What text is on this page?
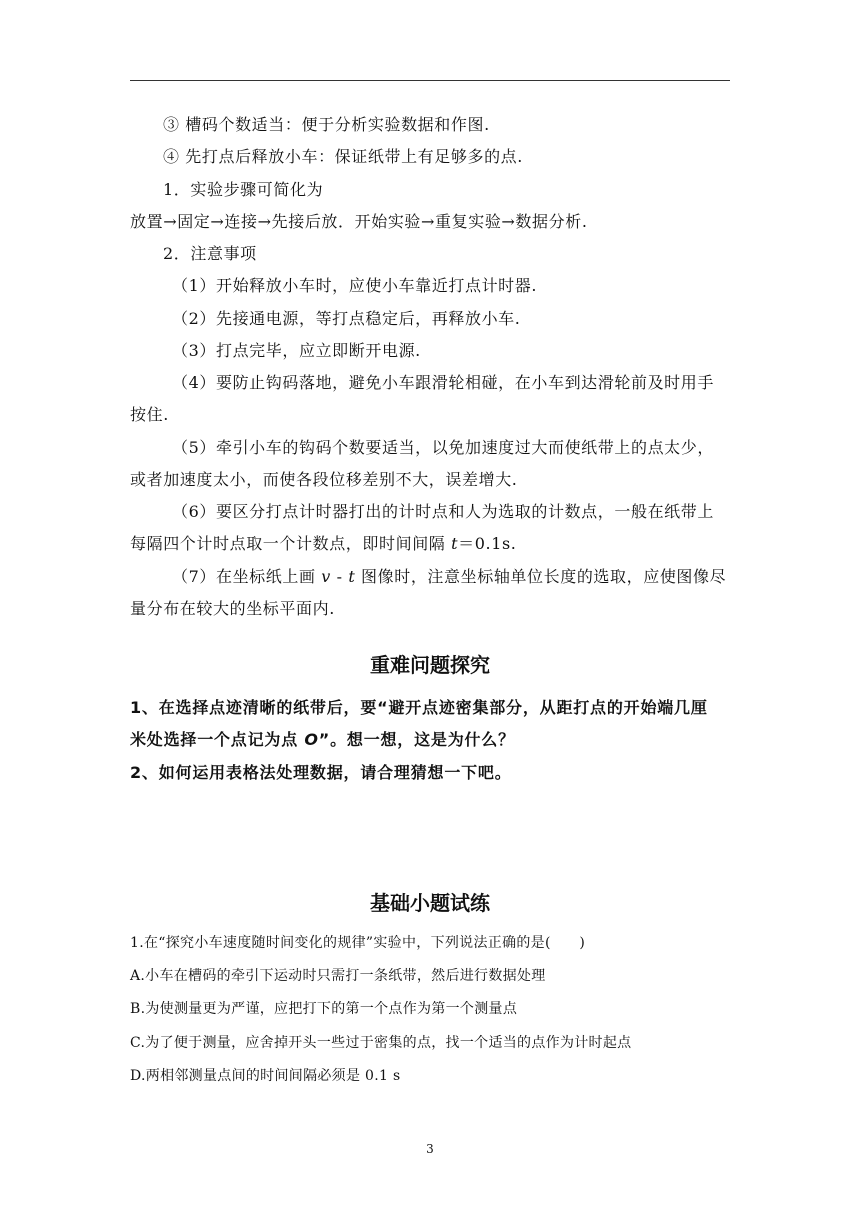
③ 槽码个数适当：便于分析实验数据和作图.
④ 先打点后释放小车：保证纸带上有足够多的点.
1．实验步骤可简化为
放置→固定→连接→先接后放．开始实验→重复实验→数据分析.
2．注意事项
（1）开始释放小车时，应使小车靠近打点计时器.
（2）先接通电源，等打点稳定后，再释放小车.
（3）打点完毕，应立即断开电源.
（4）要防止钩码落地，避免小车跟滑轮相碰，在小车到达滑轮前及时用手
按住.
（5）牵引小车的钩码个数要适当，以免加速度过大而使纸带上的点太少，
或者加速度太小，而使各段位移差别不大，误差增大.
（6）要区分打点计时器打出的计时点和人为选取的计数点，一般在纸带上
每隔四个计时点取一个计数点，即时间间隔 t＝0.1s.
（7）在坐标纸上画 v - t 图像时，注意坐标轴单位长度的选取，应使图像尽
量分布在较大的坐标平面内.
重难问题探究
1、在选择点迹清晰的纸带后，要“避开点迹密集部分，从距打点的开始端几厘
米处选择一个点记为点 O”。想一想，这是为什么？
2、如何运用表格法处理数据，请合理猜想一下吧。
基础小题试练
1.在“探究小车速度随时间变化的规律”实验中，下列说法正确的是(　　)
A.小车在槽码的牵引下运动时只需打一条纸带，然后进行数据处理
B.为使测量更为严谨，应把打下的第一个点作为第一个测量点
C.为了便于测量，应舍掉开头一些过于密集的点，找一个适当的点作为计时起点
D.两相邻测量点间的时间间隔必须是 0.1 s
3
